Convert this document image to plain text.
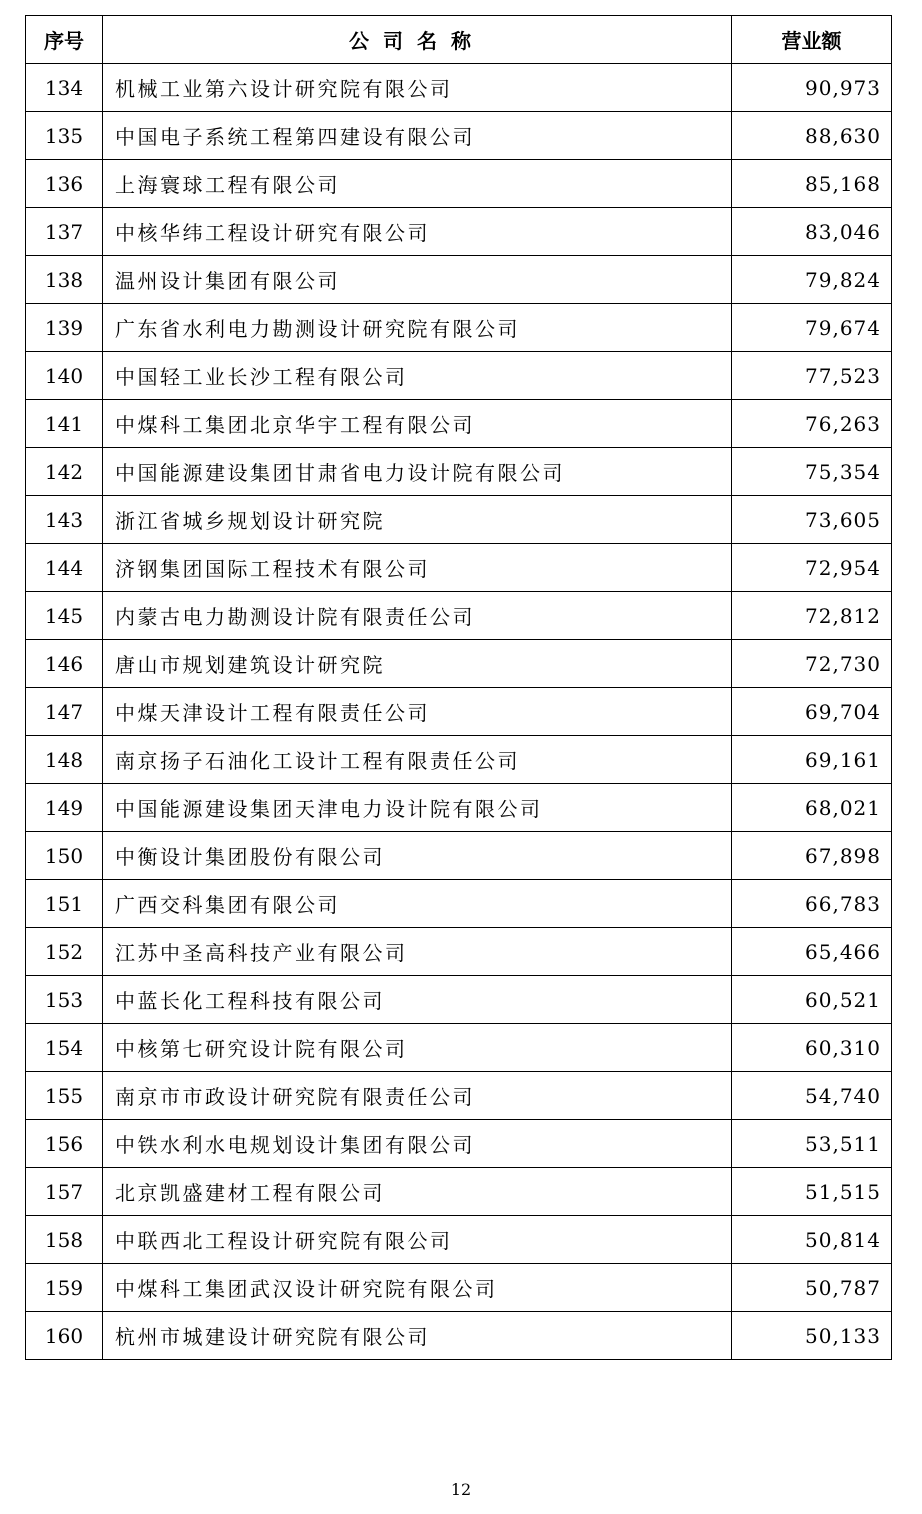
序号	公司名称	营业额
134	机械工业第六设计研究院有限公司	90,973
135	中国电子系统工程第四建设有限公司	88,630
136	上海寰球工程有限公司	85,168
137	中核华纬工程设计研究有限公司	83,046
138	温州设计集团有限公司	79,824
139	广东省水利电力勘测设计研究院有限公司	79,674
140	中国轻工业长沙工程有限公司	77,523
141	中煤科工集团北京华宇工程有限公司	76,263
142	中国能源建设集团甘肃省电力设计院有限公司	75,354
143	浙江省城乡规划设计研究院	73,605
144	济钢集团国际工程技术有限公司	72,954
145	内蒙古电力勘测设计院有限责任公司	72,812
146	唐山市规划建筑设计研究院	72,730
147	中煤天津设计工程有限责任公司	69,704
148	南京扬子石油化工设计工程有限责任公司	69,161
149	中国能源建设集团天津电力设计院有限公司	68,021
150	中衡设计集团股份有限公司	67,898
151	广西交科集团有限公司	66,783
152	江苏中圣高科技产业有限公司	65,466
153	中蓝长化工程科技有限公司	60,521
154	中核第七研究设计院有限公司	60,310
155	南京市市政设计研究院有限责任公司	54,740
156	中铁水利水电规划设计集团有限公司	53,511
157	北京凯盛建材工程有限公司	51,515
158	中联西北工程设计研究院有限公司	50,814
159	中煤科工集团武汉设计研究院有限公司	50,787
160	杭州市城建设计研究院有限公司	50,133
12
